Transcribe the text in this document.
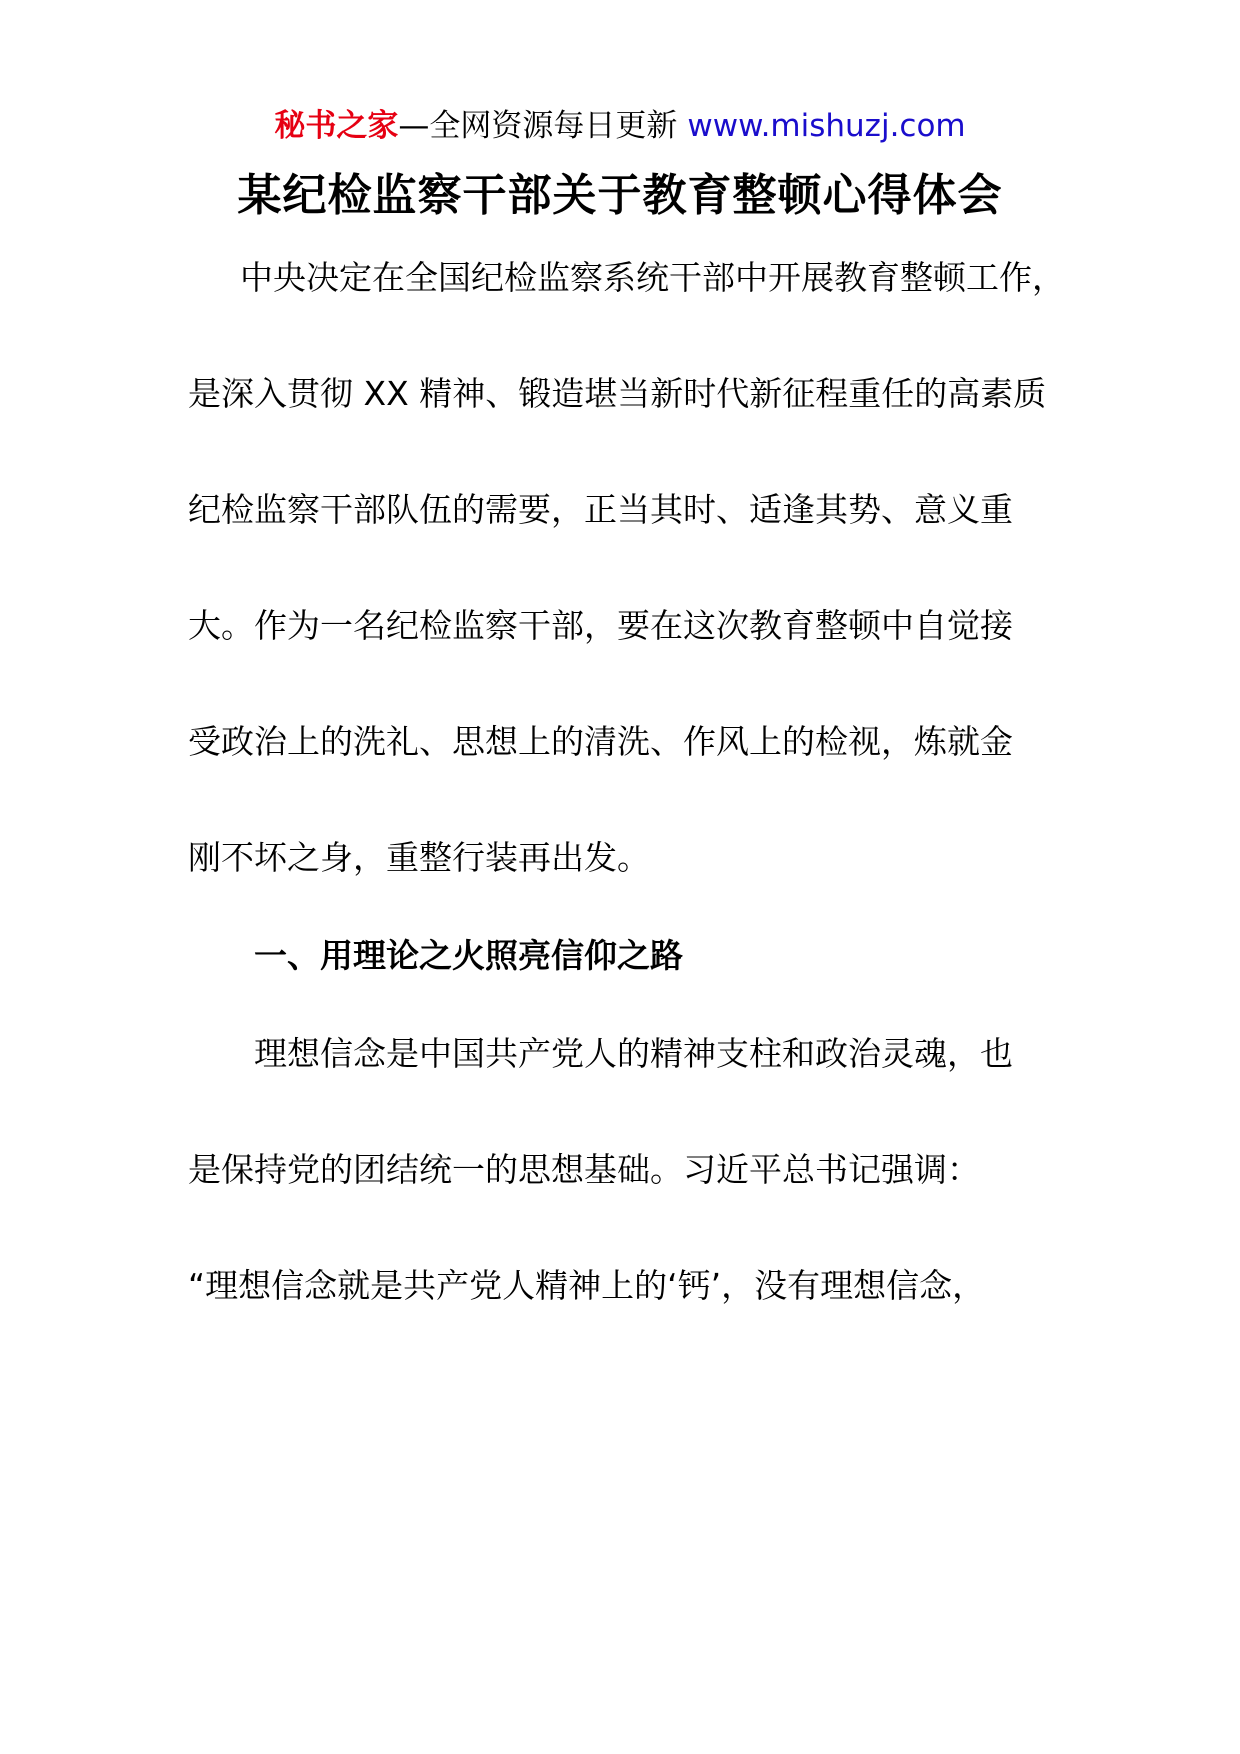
秘书之家—全网资源每日更新 www.mishuzj.com
某纪检监察干部关于教育整顿心得体会
中央决定在全国纪检监察系统干部中开展教育整顿工作，
是深入贯彻 XX 精神、锻造堪当新时代新征程重任的高素质
纪检监察干部队伍的需要，正当其时、适逢其势、意义重
大。作为一名纪检监察干部，要在这次教育整顿中自觉接
受政治上的洗礼、思想上的清洗、作风上的检视，炼就金
刚不坏之身，重整行装再出发。
一、用理论之火照亮信仰之路
理想信念是中国共产党人的精神支柱和政治灵魂，也
是保持党的团结统一的思想基础。习近平总书记强调：
“理想信念就是共产党人精神上的‘钙’，没有理想信念，
